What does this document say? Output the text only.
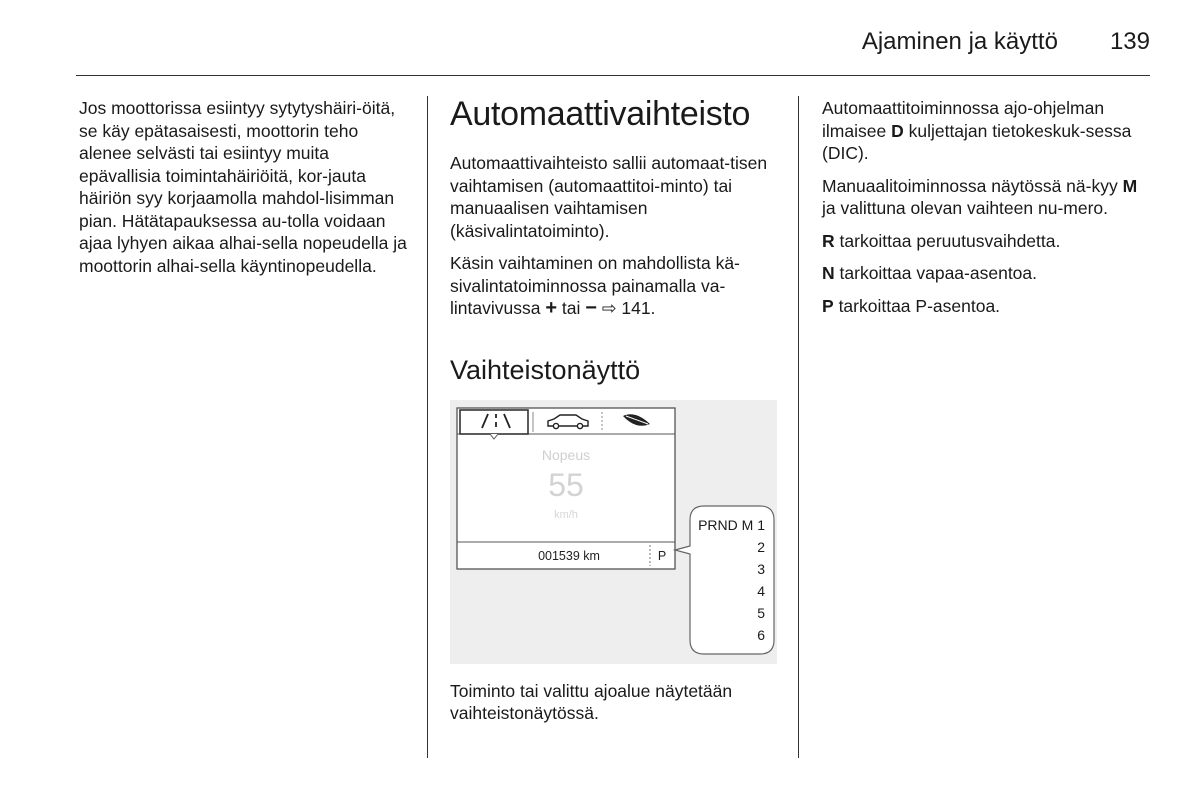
Ajaminen ja käyttö 139

Jos moottorissa esiintyy sytytyshäiri-öitä, se käy epätasaisesti, moottorin teho alenee selvästi tai esiintyy muita epävallisia toimintahäiriöitä, kor-jauta häiriön syy korjaamolla mahdol-lisimman pian. Hätätapauksessa au-tolla voidaan ajaa lyhyen aikaa alhai-sella nopeudella ja moottorin alhai-sella käyntinopeudella.

Automaattivaihteisto

Automaattivaihteisto sallii automaat-tisen vaihtamisen (automaattitoi-minto) tai manuaalisen vaihtamisen (käsivalintatoiminto).

Käsin vaihtaminen on mahdollista kä-sivalintatoiminnossa painamalla va-lintavivussa + tai − ⇨ 141.

Vaihteistonäyttö
Nopeus
55
km/h
001539 km	P
PRND M 1
2
3
4
5
6

Toiminto tai valittu ajoalue näytetään vaihteistonäytössä.

Automaattitoiminnossa ajo-ohjelman ilmaisee D kuljettajan tietokeskuk-sessa (DIC).

Manuaalitoiminnossa näytössä nä-kyy M ja valittuna olevan vaihteen nu-mero.

R tarkoittaa peruutusvaihdetta.

N tarkoittaa vapaa-asentoa.

P tarkoittaa P-asentoa.
